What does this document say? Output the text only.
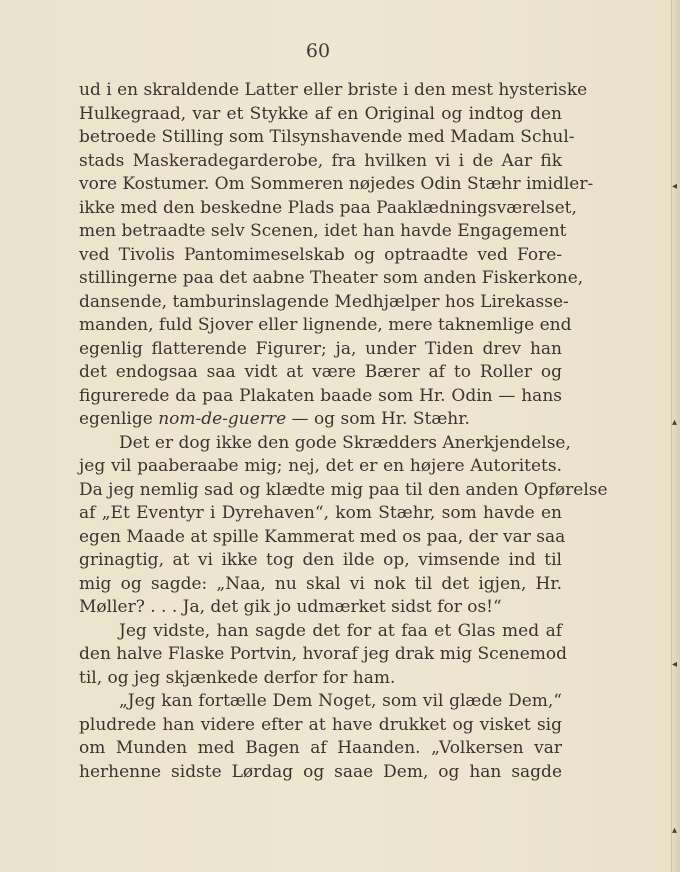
◂
▴
◂
▴
60
ud i en skraldende Latter eller briste i den mest hysteriske
Hulkegraad, var et Stykke af en Original og indtog den
betroede Stilling som Tilsynshavende med Madam Schul-
stads Maskeradegarderobe, fra hvilken vi i de Aar fik
vore Kostumer. Om Sommeren nøjedes Odin Stæhr imidler-
ikke med den beskedne Plads paa Paaklædningsværelset,
men betraadte selv Scenen, idet han havde Engagement
ved Tivolis Pantomimeselskab og optraadte ved Fore-
stillingerne paa det aabne Theater som anden Fiskerkone,
dansende, tamburinslagende Medhjælper hos Lirekasse-
manden, fuld Sjover eller lignende, mere taknemlige end
egenlig flatterende Figurer; ja, under Tiden drev han
det endogsaa saa vidt at være Bærer af to Roller og
figurerede da paa Plakaten baade som Hr. Odin — hans
egenlige nom-de-guerre — og som Hr. Stæhr.
Det er dog ikke den gode Skrædders Anerkjendelse,
jeg vil paaberaabe mig; nej, det er en højere Autoritets.
Da jeg nemlig sad og klædte mig paa til den anden Opførelse
af „Et Eventyr i Dyrehaven“, kom Stæhr, som havde en
egen Maade at spille Kammerat med os paa, der var saa
grinagtig, at vi ikke tog den ilde op, vimsende ind til
mig og sagde: „Naa, nu skal vi nok til det igjen, Hr.
Møller? . . . Ja, det gik jo udmærket sidst for os!“
Jeg vidste, han sagde det for at faa et Glas med af
den halve Flaske Portvin, hvoraf jeg drak mig Scenemod
til, og jeg skjænkede derfor for ham.
„Jeg kan fortælle Dem Noget, som vil glæde Dem,“
pludrede han videre efter at have drukket og visket sig
om Munden med Bagen af Haanden. „Volkersen var
herhenne sidste Lørdag og saae Dem, og han sagde
